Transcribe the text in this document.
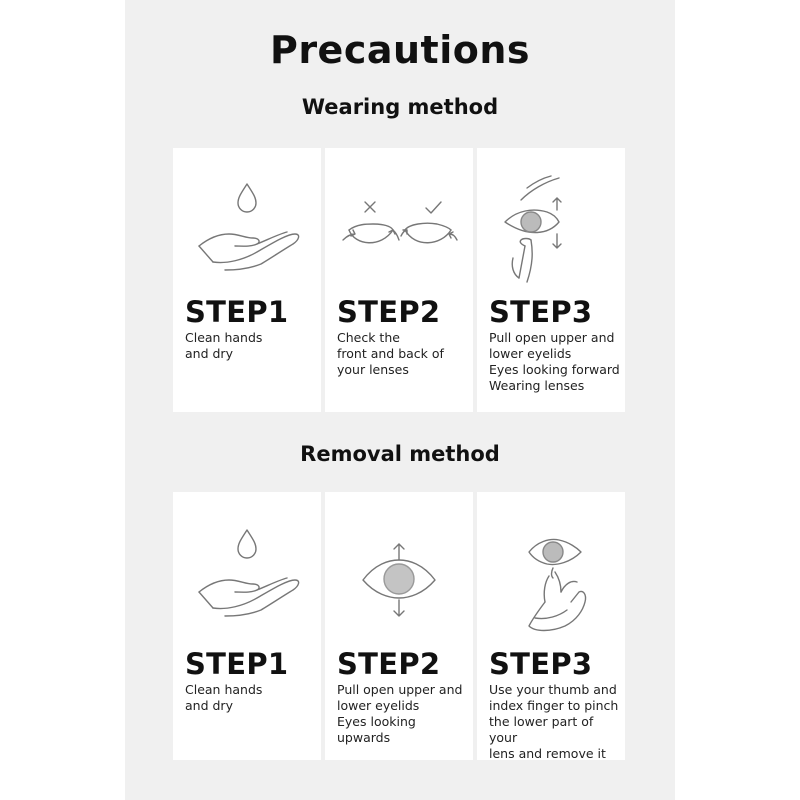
Precautions
Wearing method
STEP1
Clean hands
and dry
STEP2
Check the
front and back of
your lenses
STEP3
Pull open upper and
lower eyelids
Eyes looking forward
Wearing lenses
Removal method
STEP1
Clean hands
and dry
STEP2
Pull open upper and
lower eyelids
Eyes looking upwards
STEP3
Use your thumb and
index finger to pinch
the lower part of your
lens and remove it
